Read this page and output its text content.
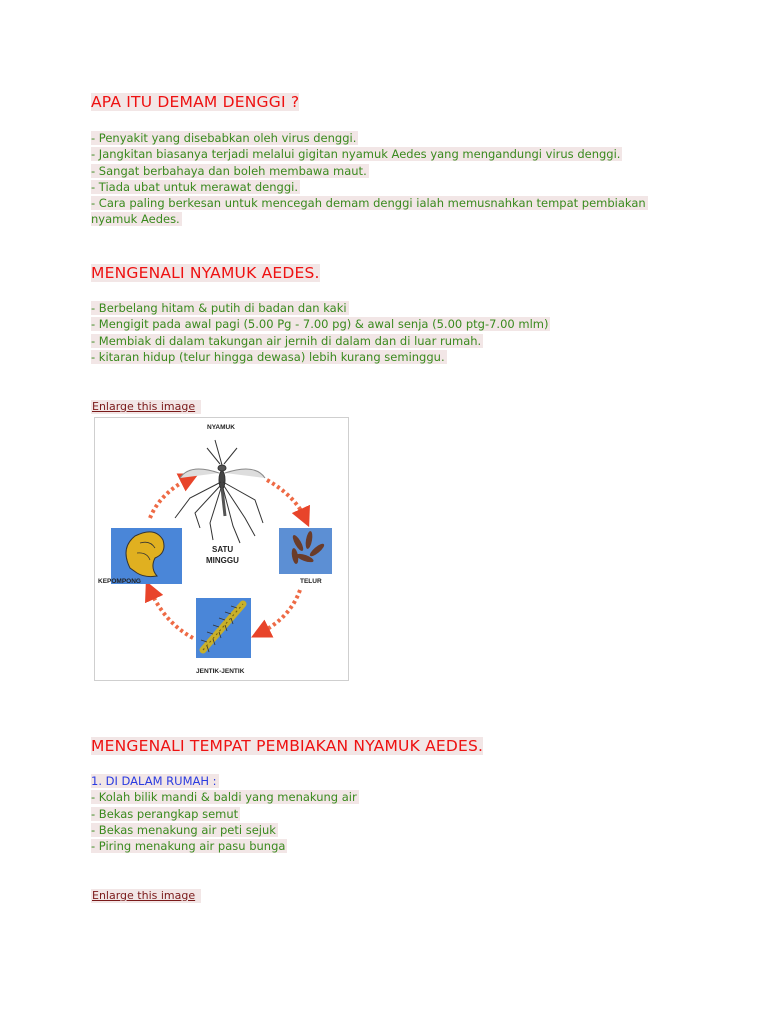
APA ITU DEMAM DENGGI ?
- Penyakit yang disebabkan oleh virus denggi.
- Jangkitan biasanya terjadi melalui gigitan nyamuk Aedes yang mengandungi virus denggi.
- Sangat berbahaya dan boleh membawa maut.
- Tiada ubat untuk merawat denggi.
- Cara paling berkesan untuk mencegah demam denggi ialah memusnahkan tempat pembiakan
nyamuk Aedes.
MENGENALI NYAMUK AEDES.
- Berbelang hitam & putih di badan dan kaki
- Mengigit pada awal pagi (5.00 Pg - 7.00 pg) & awal senja (5.00 ptg-7.00 mlm)
- Membiak di dalam takungan air jernih di dalam dan di luar rumah.
- kitaran hidup (telur hingga dewasa) lebih kurang seminggu.
Enlarge this image
MENGENALI TEMPAT PEMBIAKAN NYAMUK AEDES.
1. DI DALAM RUMAH :
- Kolah bilik mandi & baldi yang menakung air
- Bekas perangkap semut
- Bekas menakung air peti sejuk
- Piring menakung air pasu bunga
Enlarge this image
NYAMUK
TELUR
JENTIK-JENTIK
KEPOMPONG
SATU
MINGGU
